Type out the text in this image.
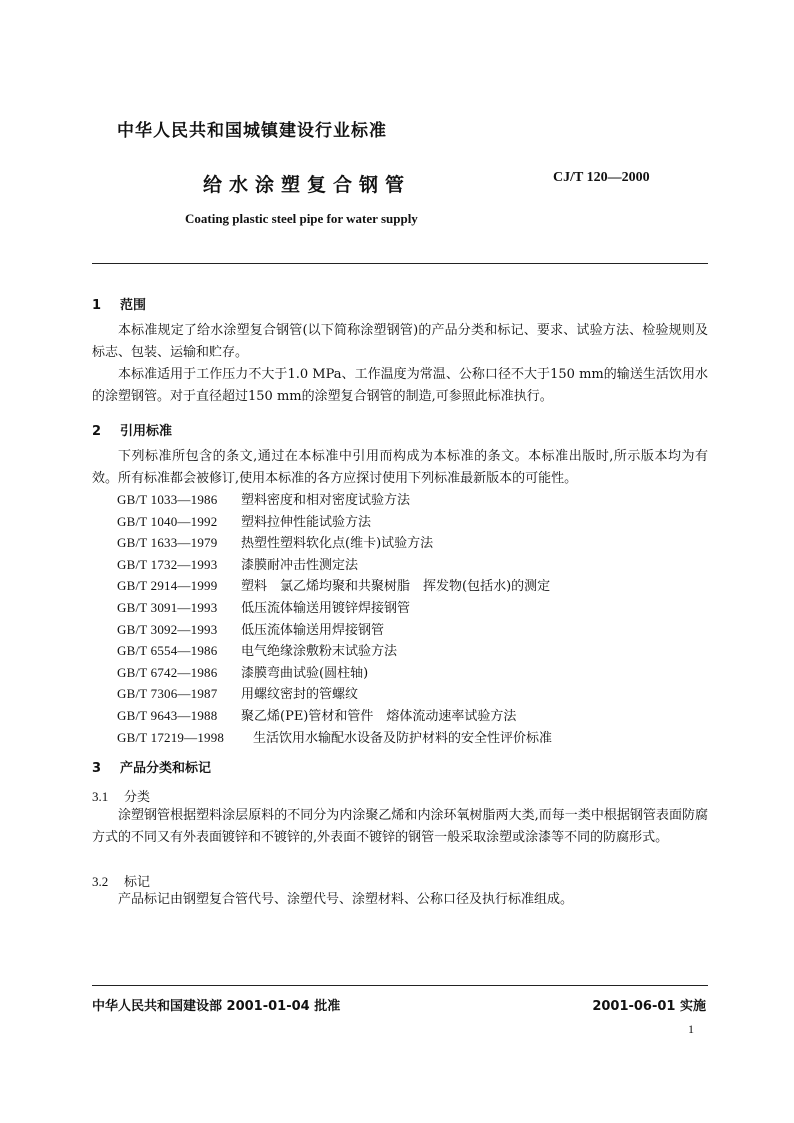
中华人民共和国城镇建设行业标准
给水涂塑复合钢管	CJ/T 120—2000
Coating plastic steel pipe for water supply
1 范围

本标准规定了给水涂塑复合钢管(以下简称涂塑钢管)的产品分类和标记、要求、试验方法、检验规则及标志、包装、运输和贮存。

本标准适用于工作压力不大于1.0 MPa、工作温度为常温、公称口径不大于150 mm的输送生活饮用水的涂塑钢管。对于直径超过150 mm的涂塑复合钢管的制造,可参照此标准执行。

2 引用标准

下列标准所包含的条文,通过在本标准中引用而构成为本标准的条文。本标准出版时,所示版本均为有效。所有标准都会被修订,使用本标准的各方应探讨使用下列标准最新版本的可能性。

GB/T 1033—1986 塑料密度和相对密度试验方法
GB/T 1040—1992 塑料拉伸性能试验方法
GB/T 1633—1979 热塑性塑料软化点(维卡)试验方法
GB/T 1732—1993 漆膜耐冲击性测定法
GB/T 2914—1999 塑料　氯乙烯均聚和共聚树脂　挥发物(包括水)的测定
GB/T 3091—1993 低压流体输送用镀锌焊接钢管
GB/T 3092—1993 低压流体输送用焊接钢管
GB/T 6554—1986 电气绝缘涂敷粉末试验方法
GB/T 6742—1986 漆膜弯曲试验(圆柱轴)
GB/T 7306—1987 用螺纹密封的管螺纹
GB/T 9643—1988 聚乙烯(PE)管材和管件　熔体流动速率试验方法
GB/T 17219—1998 生活饮用水输配水设备及防护材料的安全性评价标准
3 产品分类和标记
3.1 分类

涂塑钢管根据塑料涂层原料的不同分为内涂聚乙烯和内涂环氧树脂两大类,而每一类中根据钢管表面防腐方式的不同又有外表面镀锌和不镀锌的,外表面不镀锌的钢管一般采取涂塑或涂漆等不同的防腐形式。

3.2 标记

产品标记由钢塑复合管代号、涂塑代号、涂塑材料、公称口径及执行标准组成。

中华人民共和国建设部 2001-01-04 批准	2001-06-01 实施
1
